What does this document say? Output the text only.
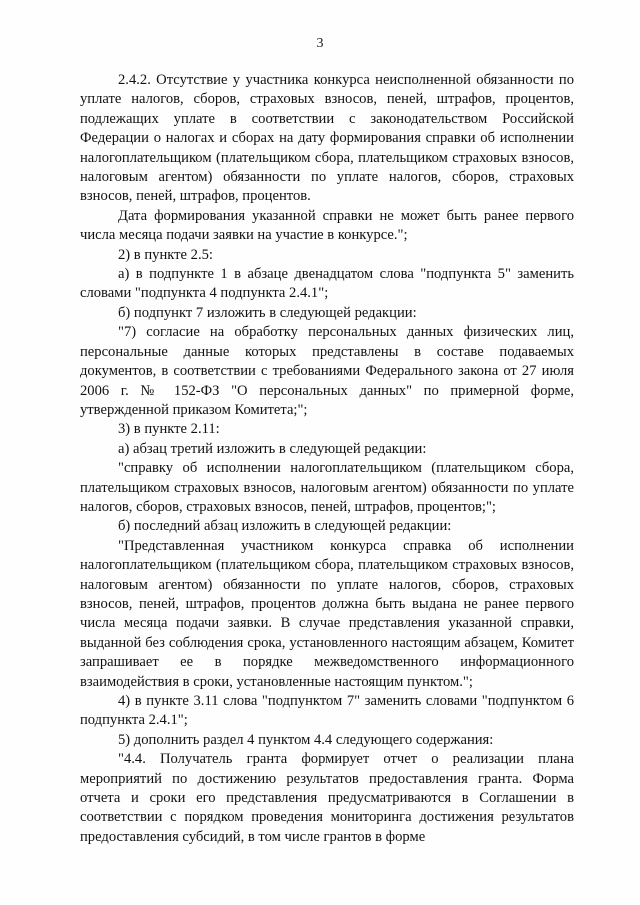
3

2.4.2. Отсутствие у участника конкурса неисполненной обязанности по уплате налогов, сборов, страховых взносов, пеней, штрафов, процентов, подлежащих уплате в соответствии с законодательством Российской Федерации о налогах и сборах на дату формирования справки об исполнении налогоплательщиком (плательщиком сбора, плательщиком страховых взносов, налоговым агентом) обязанности по уплате налогов, сборов, страховых взносов, пеней, штрафов, процентов.

Дата формирования указанной справки не может быть ранее первого числа месяца подачи заявки на участие в конкурсе.";

2) в пункте 2.5:

а) в подпункте 1 в абзаце двенадцатом слова "подпункта 5" заменить словами "подпункта 4 подпункта 2.4.1";

б) подпункт 7 изложить в следующей редакции:

"7) согласие на обработку персональных данных физических лиц, персональные данные которых представлены в составе подаваемых документов, в соответствии с требованиями Федерального закона от 27 июля 2006 г. № 152-ФЗ "О персональных данных" по примерной форме, утвержденной приказом Комитета;";

3) в пункте 2.11:

а) абзац третий изложить в следующей редакции:

"справку об исполнении налогоплательщиком (плательщиком сбора, плательщиком страховых взносов, налоговым агентом) обязанности по уплате налогов, сборов, страховых взносов, пеней, штрафов, процентов;";

б) последний абзац изложить в следующей редакции:

"Представленная участником конкурса справка об исполнении налогоплательщиком (плательщиком сбора, плательщиком страховых взносов, налоговым агентом) обязанности по уплате налогов, сборов, страховых взносов, пеней, штрафов, процентов должна быть выдана не ранее первого числа месяца подачи заявки. В случае представления указанной справки, выданной без соблюдения срока, установленного настоящим абзацем, Комитет запрашивает ее в порядке межведомственного информационного взаимодействия в сроки, установленные настоящим пунктом.";

4) в пункте 3.11 слова "подпунктом 7" заменить словами "подпунктом 6 подпункта 2.4.1";

5) дополнить раздел 4 пунктом 4.4 следующего содержания:

"4.4. Получатель гранта формирует отчет о реализации плана мероприятий по достижению результатов предоставления гранта. Форма отчета и сроки его представления предусматриваются в Соглашении в соответствии с порядком проведения мониторинга достижения результатов предоставления субсидий, в том числе грантов в форме
